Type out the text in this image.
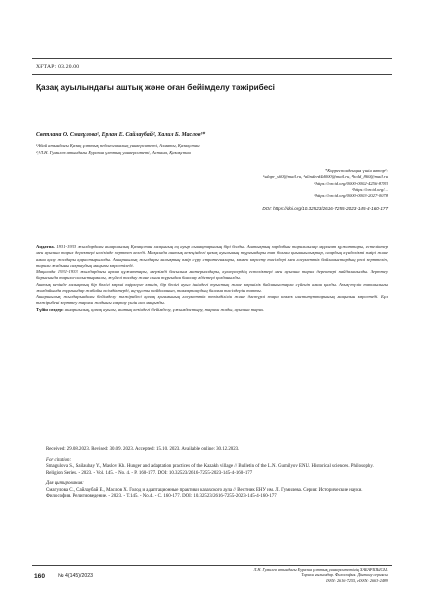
ХҒТАР: 03.20.00
Қазақ ауылындағы аштық және оған бейімделу тәжірибесі
Светлана О. Смағұлова¹, Ерлан Е. Сайлаубай², Халил Б. Маслов³*
¹Абай атындағы Қазақ ұлттық педагогикалық университеті, Алматы, Қазақстан
²,³Л.Н. Гумилев атындағы Еуразия ұлттық университеті, Астана, Қазақстан
*Корреспонденция үшін автор¹:
¹sdapr_s60@mail.ru, ²alinderd4d000@mail.ru, ³hold_860@mail.ru
¹https://orcid.org/0000-0002-4256-8783
²https://orcid.org/...
³https://orcid.org/0000-0003-2027-0078
DOI: https://doi.org/10.32523/2616-7255-2023-145-4-160-177
Аңдатпа. 1931-1933 жылдардағы ашаршылық Қазақстан халқының ең ауыр сынақтарының бірі болды. Аштықтың зардабын тарихшылар мұрағат құжаттары, естеліктер мен ауызша тарих деректері негізінде зерттеп келеді. Мақалада аштық кезеңіндегі қазақ ауылының тұрғындары тап болған қиыншылықтар, олардың күнделікті өмірі және аман қалу жолдары қарастырылады. Ашаршылық жылдары халықтың өмір сүру стратегиялары, көмек көрсету тәсілдері мен әлеуметтік байланыстардың рөлі зерттеліп, тарихи жадыны сақтаудың маңызы көрсетіледі.
Мақалада 1931-1933 жылдардағы архив құжаттары, мерзімді басылым материалдары, куәгерлердің естеліктері мен ауызша тарих деректері пайдаланылды. Зерттеу барысында тарихи-салыстырмалы, жүйелі талдау және сыни тұрғыдан бағалау әдістері қолданылды.
Аштық кезінде халықтың бір бөлігі көрші өңірлерге көшіп, бір бөлігі ауыл ішіндегі туыстық және көршілік байланыстарға сүйеніп аман қалды. Азық-түлік тапшылығы жағдайында тұрғындар жабайы өсімдіктерді, аң-құсты пайдаланып, тамақтанудың балама тәсілдерін тапты.
Ашаршылық жылдарындағы бейімделу тәжірибесі қазақ қоғамының әлеуметтік төзімділігін және дәстүрлі өзара көмек институттарының маңызын көрсетеді. Бұл тәжірибені зерттеу тарихи жадыны сақтау үшін аса маңызды.
Түйін сөздер: ашаршылық, қазақ ауылы, аштық кезіндегі бейімделу, ұжымдастыру, тарихи жады, ауызша тарих.
Received: 29.08.2023. Revised: 30.09. 2023. Accepted: 15.10. 2023. Available online: 30.12.2023.
For citation:
Smagulova S., Sailaubay Y., Maslov Kh. Hunger and adaptation practices of the Kazakh village // Bulletin of the L.N. Gumilyov ENU. Historical sciences. Philosophy. Religion Series. - 2023. - Vol. 145. - No. 4. - P. 160-177. DOI: 10.32523/2616-7255-2023-145-4-160-177
Для цитирования:
Смагулова С., Сайлаубай Е., Маслов Х. Голод и адаптационные практики казахского аула // Вестник ЕНУ им. Л. Гумилева. Серия: Исторические науки. Философия. Религиоведение. - 2023. - Т.145. - No.4. - С. 160-177. DOI: 10.32523/2616-7255-2023-145-4-160-177
160 № 4(145)/2023
Л.Н. Гумилев атындағы Еуразия ұлттық университетінің ХАБАРШЫСЫ.
Тарихи ғылымдар. Философия. Дінтану сериясы
ISSN: 2616-7255, eISSN: 2663-2489
